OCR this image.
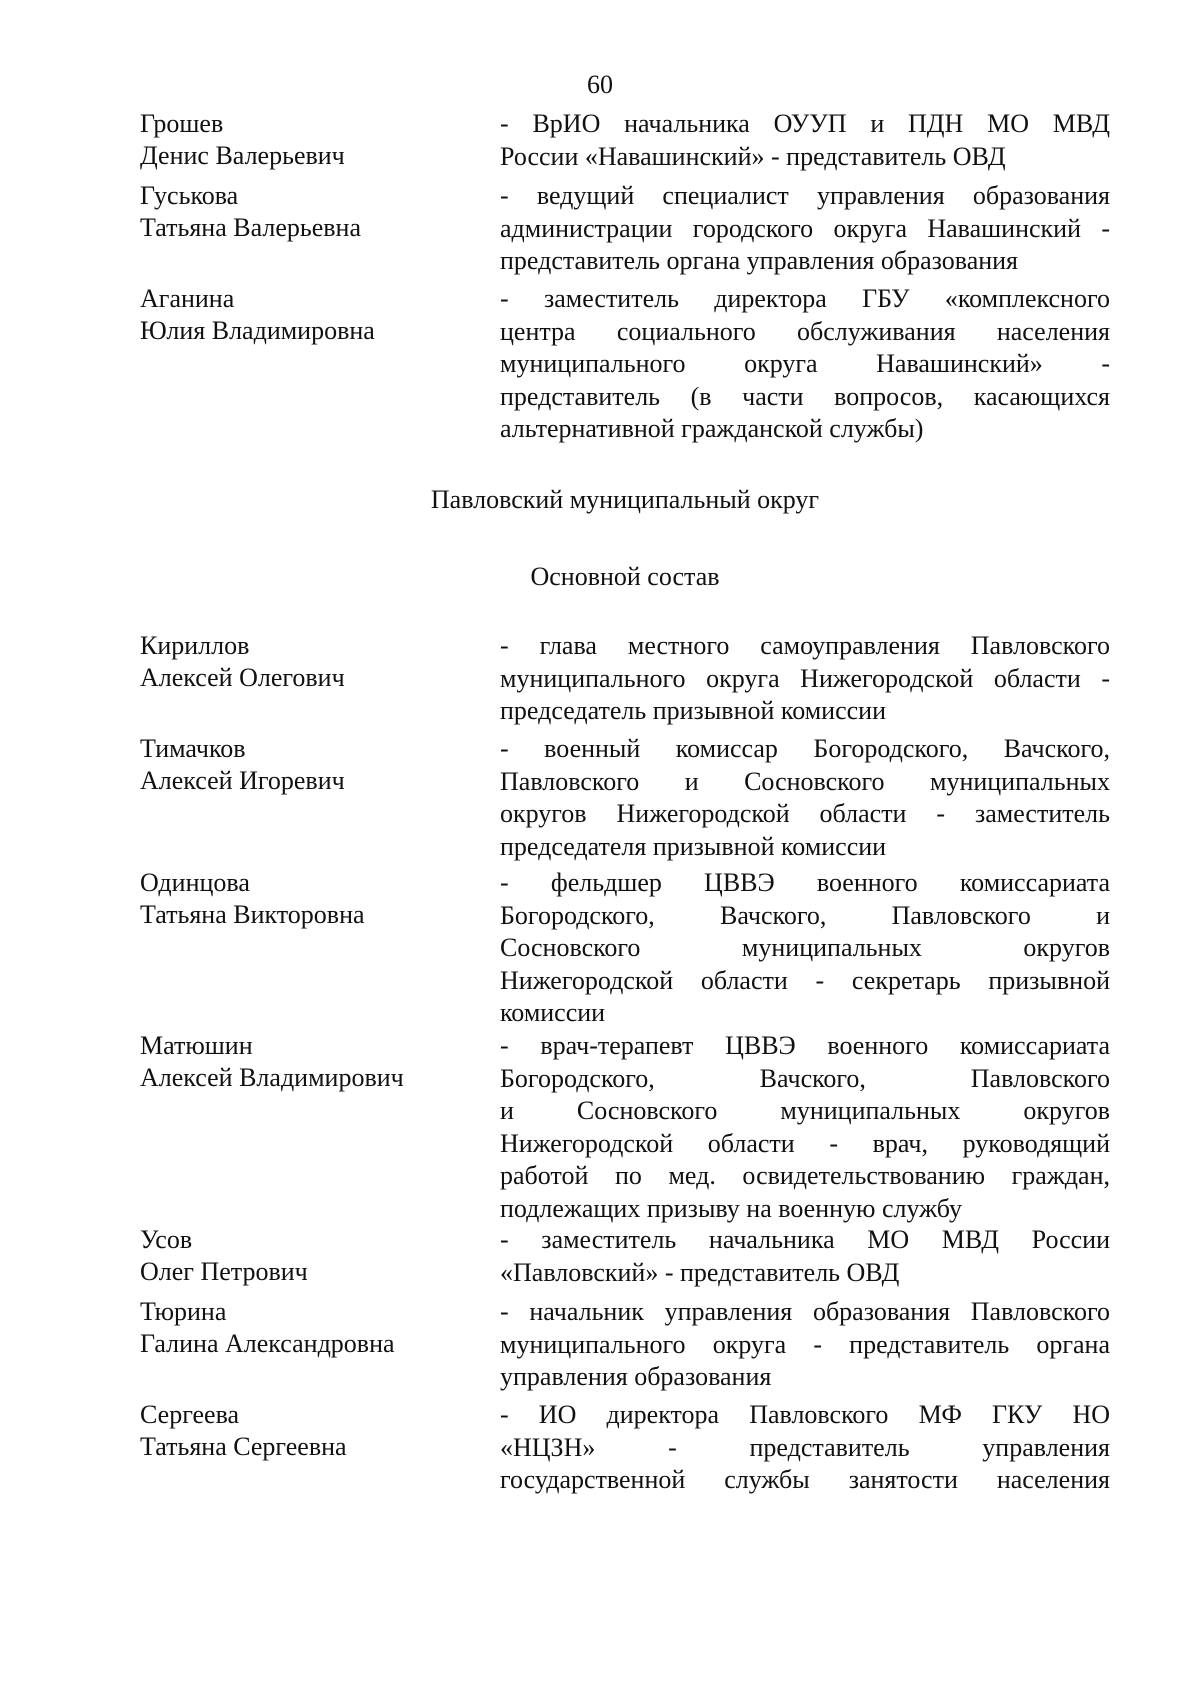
60
Грошев
Денис Валерьевич
- ВрИО начальника ОУУП и ПДН МО МВД
России «Навашинский» - представитель ОВД
Гуськова
Татьяна Валерьевна
- ведущий специалист управления образования
администрации городского округа Навашинский -
представитель органа управления образования
Аганина
Юлия Владимировна
- заместитель директора ГБУ «комплексного
центра социального обслуживания населения
муниципального округа Навашинский» -
представитель (в части вопросов, касающихся
альтернативной гражданской службы)
Павловский муниципальный округ
Основной состав
Кириллов
Алексей Олегович
- глава местного самоуправления Павловского
муниципального округа Нижегородской области -
председатель призывной комиссии
Тимачков
Алексей Игоревич
- военный комиссар Богородского, Вачского,
Павловского и Сосновского муниципальных
округов Нижегородской области - заместитель
председателя призывной комиссии
Одинцова
Татьяна Викторовна
- фельдшер ЦВВЭ военного комиссариата
Богородского, Вачского, Павловского и
Сосновского муниципальных округов
Нижегородской области - секретарь призывной
комиссии
Матюшин
Алексей Владимирович
- врач-терапевт ЦВВЭ военного комиссариата
Богородского, Вачского, Павловского
и Сосновского муниципальных округов
Нижегородской области - врач, руководящий
работой по мед. освидетельствованию граждан,
подлежащих призыву на военную службу
Усов
Олег Петрович
- заместитель начальника МО МВД России
«Павловский» - представитель ОВД
Тюрина
Галина Александровна
- начальник управления образования Павловского
муниципального округа - представитель органа
управления образования
Сергеева
Татьяна Сергеевна
- ИО директора Павловского МФ ГКУ НО
«НЦЗН» - представитель управления
государственной службы занятости населения
